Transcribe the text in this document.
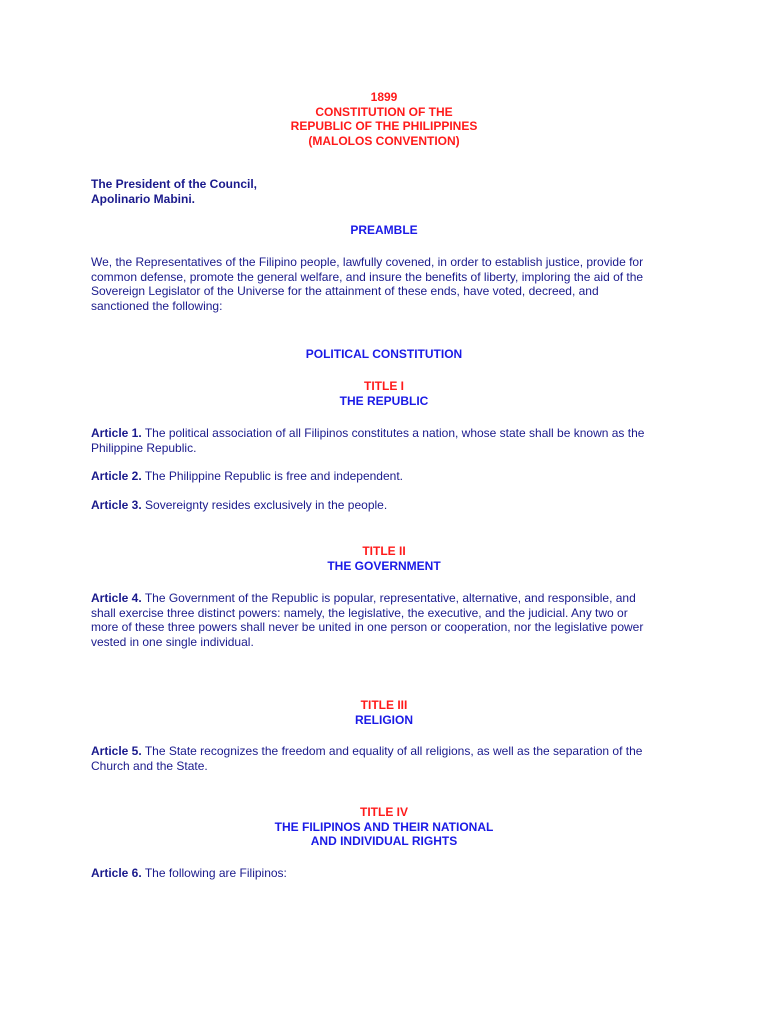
1899
CONSTITUTION OF THE
REPUBLIC OF THE PHILIPPINES
(MALOLOS CONVENTION)
The President of the Council,
Apolinario Mabini.
PREAMBLE
We, the Representatives of the Filipino people, lawfully covened, in order to establish justice, provide for
common defense, promote the general welfare, and insure the benefits of liberty, imploring the aid of the
Sovereign Legislator of the Universe for the attainment of these ends, have voted, decreed, and
sanctioned the following:
POLITICAL CONSTITUTION
TITLE I
THE REPUBLIC
Article 1. The political association of all Filipinos constitutes a nation, whose state shall be known as the
Philippine Republic.
Article 2. The Philippine Republic is free and independent.
Article 3. Sovereignty resides exclusively in the people.
TITLE II
THE GOVERNMENT
Article 4. The Government of the Republic is popular, representative, alternative, and responsible, and
shall exercise three distinct powers: namely, the legislative, the executive, and the judicial. Any two or
more of these three powers shall never be united in one person or cooperation, nor the legislative power
vested in one single individual.
TITLE III
RELIGION
Article 5. The State recognizes the freedom and equality of all religions, as well as the separation of the
Church and the State.
TITLE IV
THE FILIPINOS AND THEIR NATIONAL
AND INDIVIDUAL RIGHTS
Article 6. The following are Filipinos:
